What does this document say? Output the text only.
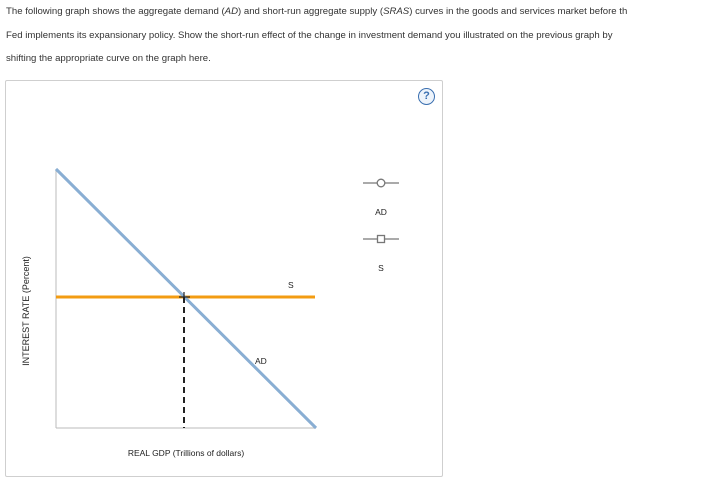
The following graph shows the aggregate demand (AD) and short-run aggregate supply (SRAS) curves in the goods and services market before th
Fed implements its expansionary policy. Show the short-run effect of the change in investment demand you illustrated on the previous graph by
shifting the appropriate curve on the graph here.
?
INTEREST RATE (Percent)	S
AD
REAL GDP (Trillions of dollars)
AD
S
